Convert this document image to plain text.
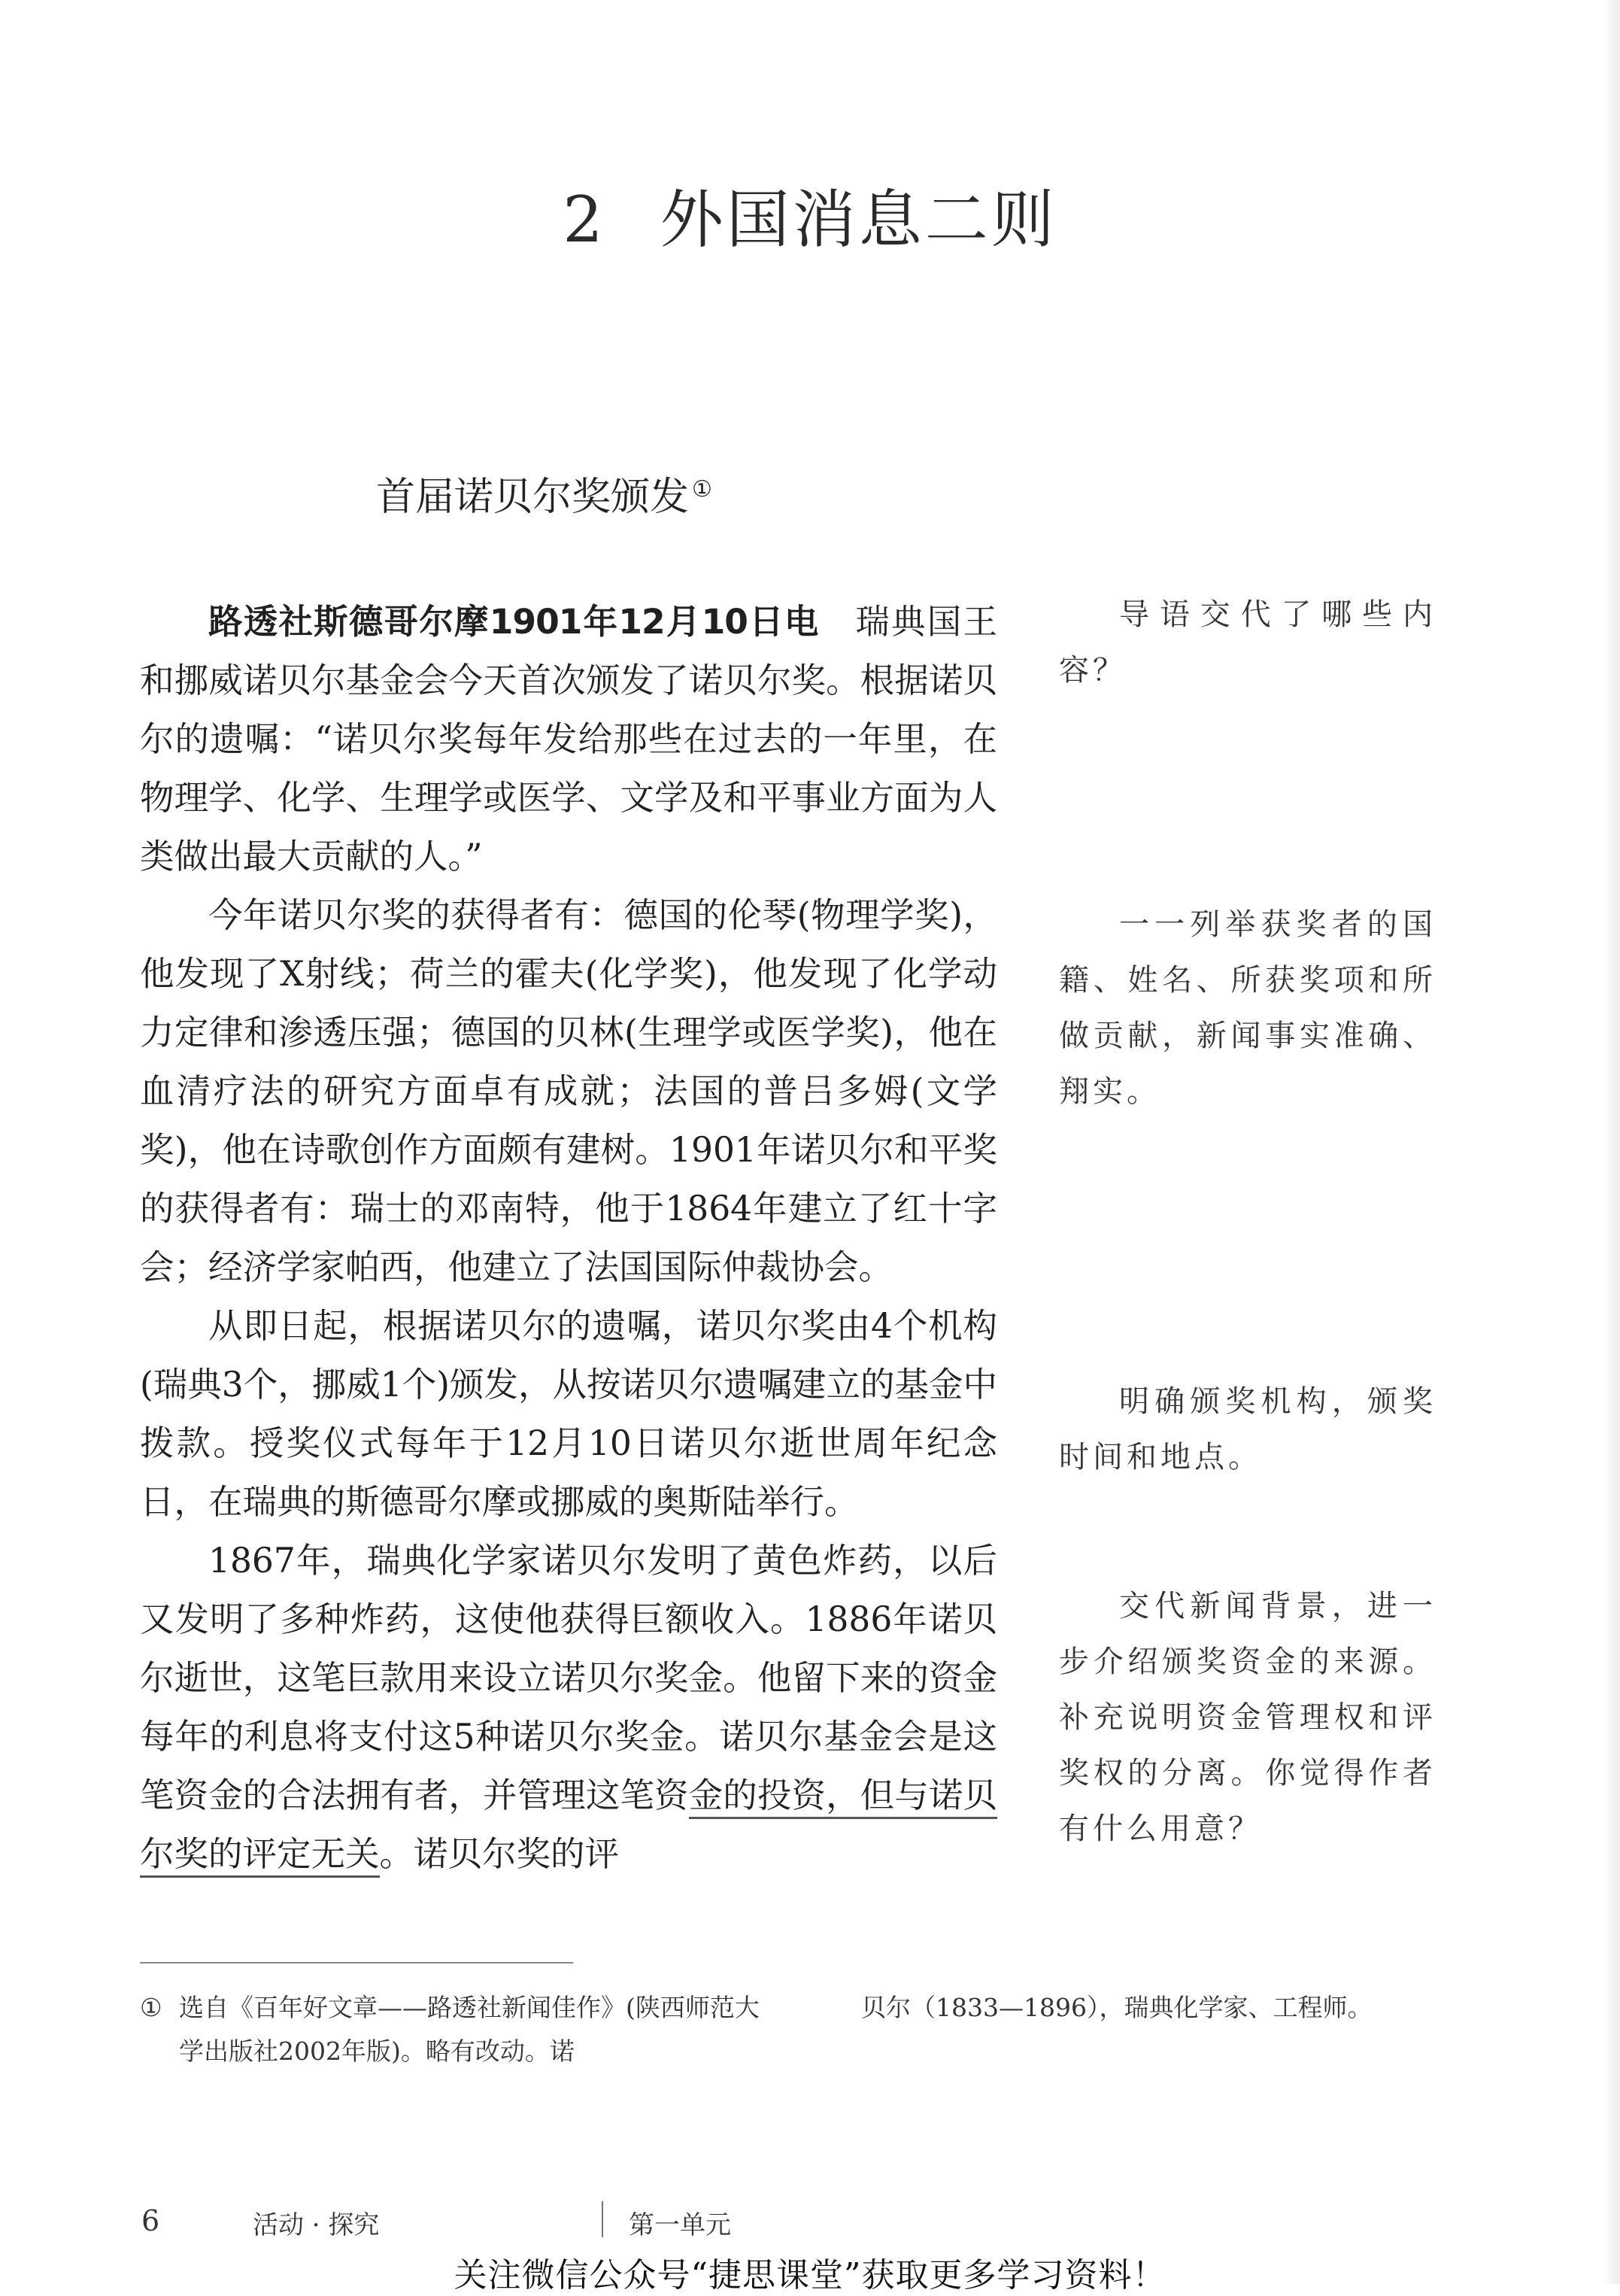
2 外国消息二则
首届诺贝尔奖颁发 ①

路透社斯德哥尔摩1901年12月10日电　 瑞典国王和挪威诺贝尔基金会今天首次颁发了诺贝尔奖。根据诺贝尔的遗嘱：“诺贝尔奖每年发给那些在过去的一年里，在物理学、化学、生理学或医学、文学及和平事业方面为人类做出最大贡献的人。”

今年诺贝尔奖的获得者有：德国的伦琴(物理学奖)，他发现了X射线；荷兰的霍夫(化学奖)，他发现了化学动力定律和渗透压强；德国的贝林(生理学或医学奖)，他在血清疗法的研究方面卓有成就；法国的普吕多姆(文学奖)，他在诗歌创作方面颇有建树。1901年诺贝尔和平奖的获得者有：瑞士的邓南特，他于1864年建立了红十字会；经济学家帕西，他建立了法国国际仲裁协会。

从即日起，根据诺贝尔的遗嘱，诺贝尔奖由4个机构(瑞典3个，挪威1个)颁发，从按诺贝尔遗嘱建立的基金中拨款。授奖仪式每年于12月10日诺贝尔逝世周年纪念日，在瑞典的斯德哥尔摩或挪威的奥斯陆举行。

1867年，瑞典化学家诺贝尔发明了黄色炸药，以后又发明了多种炸药，这使他获得巨额收入。1886年诺贝尔逝世，这笔巨款用来设立诺贝尔奖金。他留下来的资金每年的利息将支付这5种诺贝尔奖金。诺贝尔基金会是这笔资金的合法拥有者，并管理这笔资金的投资，但与诺贝尔奖的评定无关。诺贝尔奖的评

导语交代了哪些内容？
一一列举获奖者的国籍、姓名、所获奖项和所做贡献，新闻事实准确、翔实。
明确颁奖机构，颁奖时间和地点。
交代新闻背景，进一步介绍颁奖资金的来源。补充说明资金管理权和评奖权的分离。你觉得作者有什么用意？
① 选自《百年好文章——路透社新闻佳作》(陕西师范大学出版社2002年版)。略有改动。诺
贝尔（1833—1896），瑞典化学家、工程师。
6	活动 · 探究	第一单元
关注微信公众号“捷思课堂”获取更多学习资料！
